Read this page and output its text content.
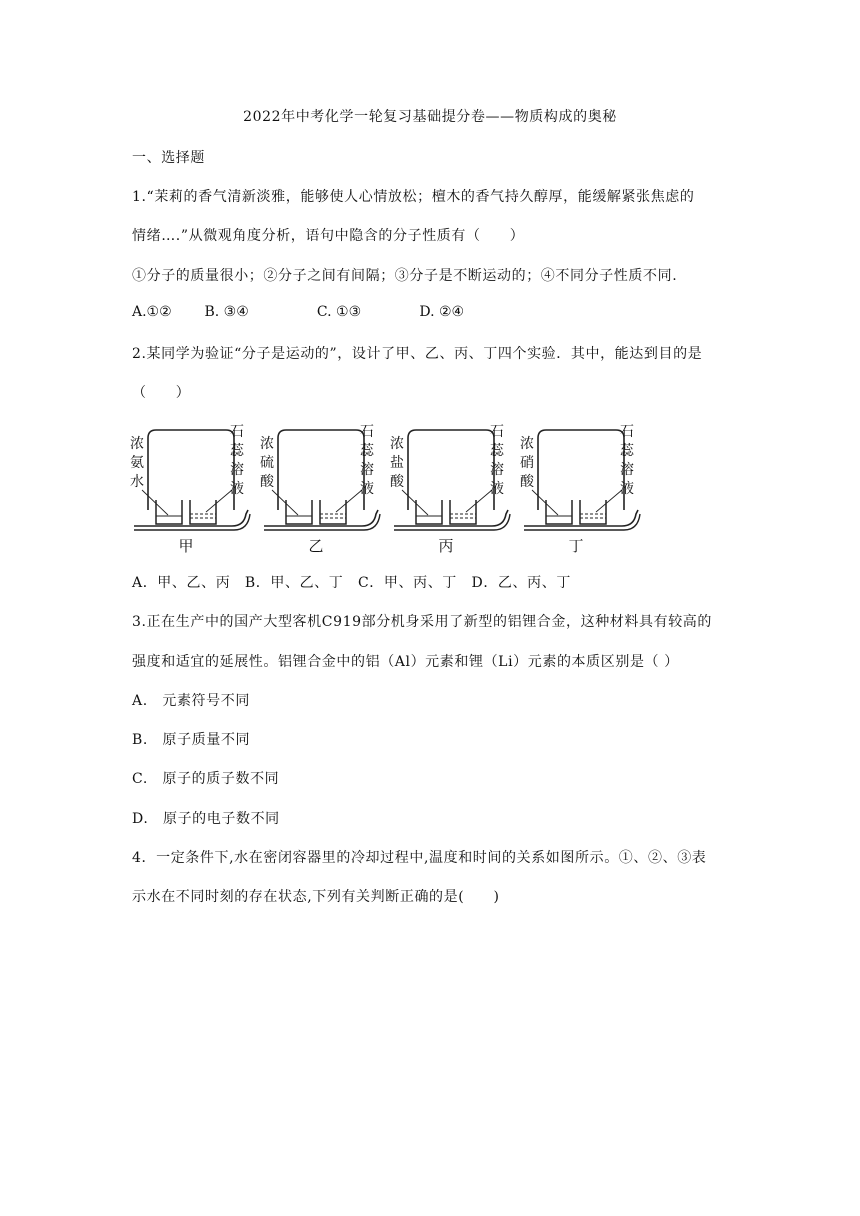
2022年中考化学一轮复习基础提分卷——物质构成的奥秘
一、选择题
1.“茉莉的香气清新淡雅，能够使人心情放松；檀木的香气持久醇厚，能缓解紧张焦虑的
情绪….”从微观角度分析，语句中隐含的分子性质有（　　）
①分子的质量很小；②分子之间有间隔；③分子是不断运动的；④不同分子性质不同.
A.①② B. ③④	C. ①③	D. ②④
2.某同学为验证“分子是运动的”，设计了甲、乙、丙、丁四个实验．其中，能达到目的是
（　　）
浓氨水
石蕊溶液
甲
浓硫酸
石蕊溶液
乙
浓盐酸
石蕊溶液
丙
浓硝酸
石蕊溶液
丁
A．甲、乙、丙　B．甲、乙、丁　C．甲、丙、丁　D．乙、丙、丁
3.正在生产中的国产大型客机C919部分机身采用了新型的铝锂合金，这种材料具有较高的
强度和适宜的延展性。铝锂合金中的铝（Al）元素和锂（Li）元素的本质区别是（ ）
A.　元素符号不同
B.　原子质量不同
C.　原子的质子数不同
D.　原子的电子数不同
4．一定条件下,水在密闭容器里的冷却过程中,温度和时间的关系如图所示。①、②、③表
示水在不同时刻的存在状态,下列有关判断正确的是(　　)
